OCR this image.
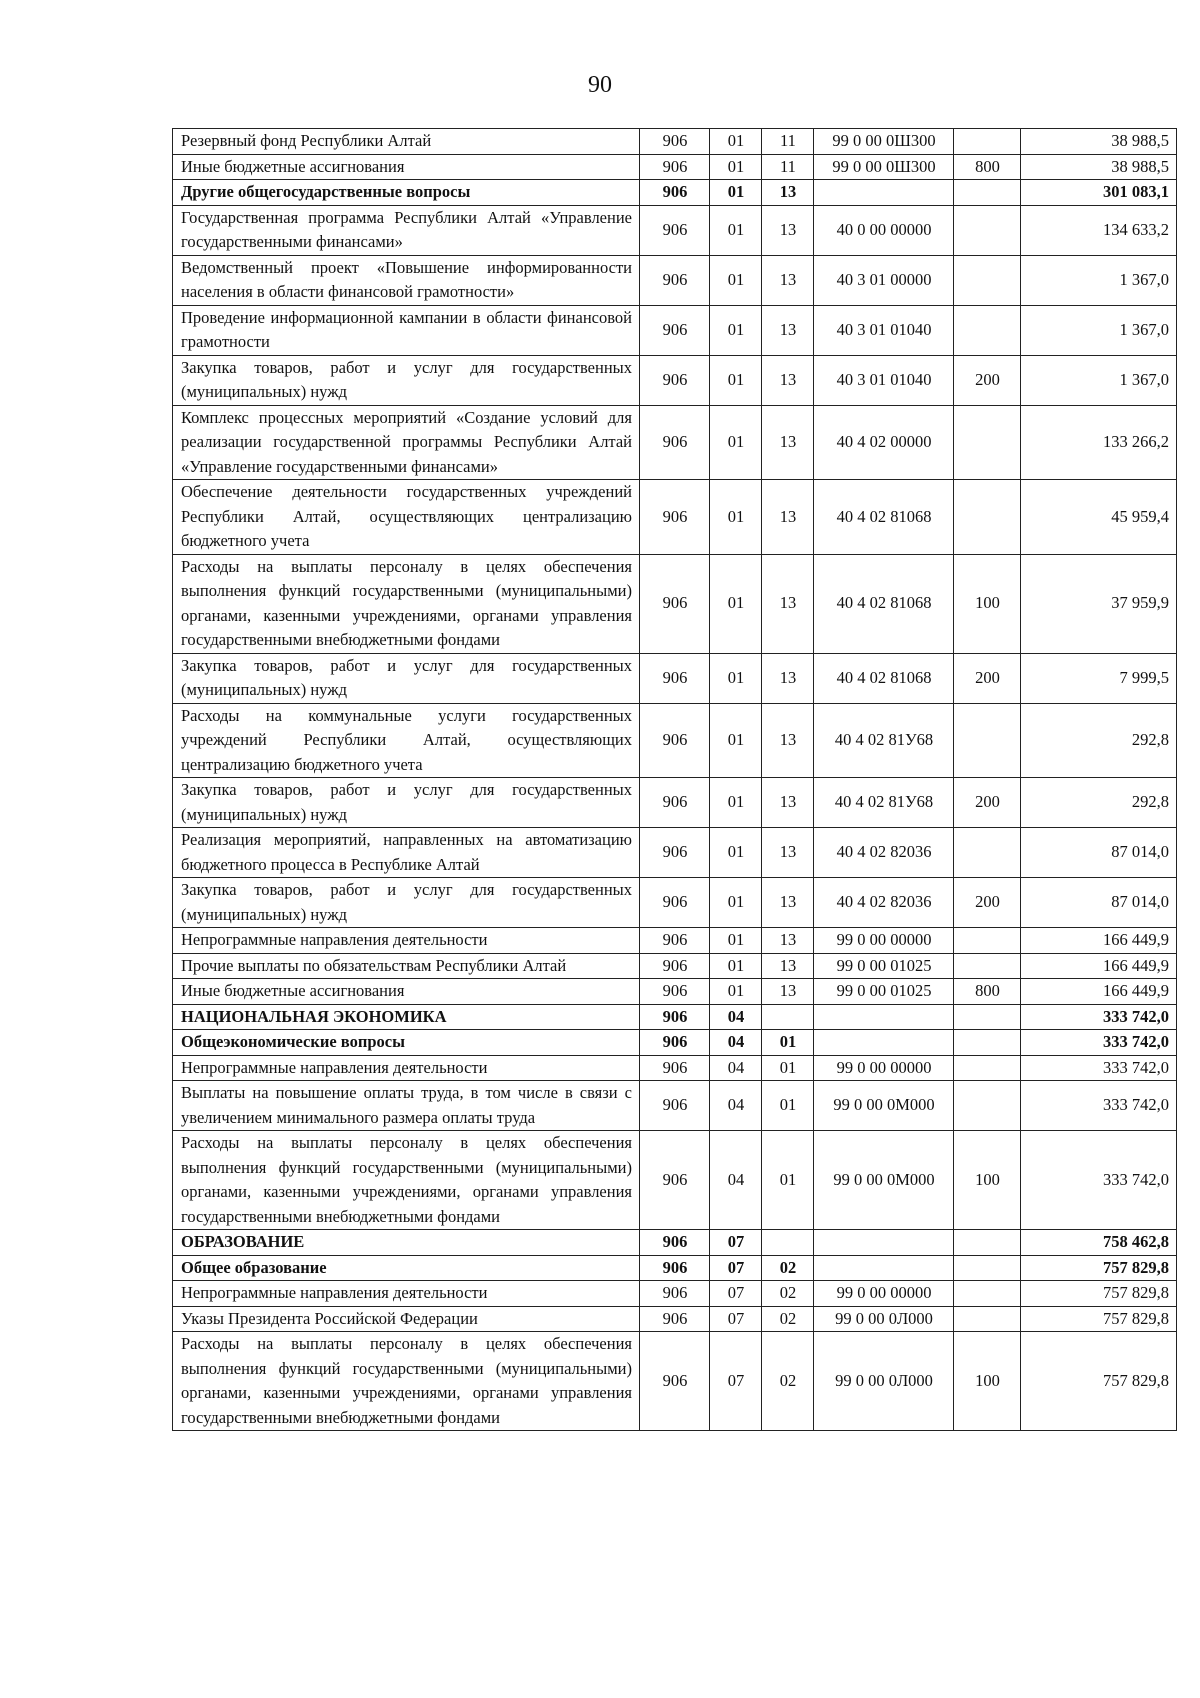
90
Резервный фонд Республики Алтай	906	01	11	99 0 00 0Ш300		38 988,5
Иные бюджетные ассигнования	906	01	11	99 0 00 0Ш300	800	38 988,5
Другие общегосударственные вопросы	906	01	13			301 083,1
Государственная программа Республики Алтай «Управление государственными финансами»	906	01	13	40 0 00 00000		134 633,2
Ведомственный проект «Повышение информированности населения в области финансовой грамотности»	906	01	13	40 3 01 00000		1 367,0
Проведение информационной кампании в области финансовой грамотности	906	01	13	40 3 01 01040		1 367,0
Закупка товаров, работ и услуг для государственных (муниципальных) нужд	906	01	13	40 3 01 01040	200	1 367,0
Комплекс процессных мероприятий «Создание условий для реализации государственной программы Республики Алтай «Управление государственными финансами»	906	01	13	40 4 02 00000		133 266,2
Обеспечение деятельности государственных учреждений Республики Алтай, осуществляющих централизацию бюджетного учета	906	01	13	40 4 02 81068		45 959,4
Расходы на выплаты персоналу в целях обеспечения выполнения функций государственными (муниципальными) органами, казенными учреждениями, органами управления государственными внебюджетными фондами	906	01	13	40 4 02 81068	100	37 959,9
Закупка товаров, работ и услуг для государственных (муниципальных) нужд	906	01	13	40 4 02 81068	200	7 999,5
Расходы на коммунальные услуги государственных учреждений Республики Алтай, осуществляющих централизацию бюджетного учета	906	01	13	40 4 02 81У68		292,8
Закупка товаров, работ и услуг для государственных (муниципальных) нужд	906	01	13	40 4 02 81У68	200	292,8
Реализация мероприятий, направленных на автоматизацию бюджетного процесса в Республике Алтай	906	01	13	40 4 02 82036		87 014,0
Закупка товаров, работ и услуг для государственных (муниципальных) нужд	906	01	13	40 4 02 82036	200	87 014,0
Непрограммные направления деятельности	906	01	13	99 0 00 00000		166 449,9
Прочие выплаты по обязательствам Республики Алтай	906	01	13	99 0 00 01025		166 449,9
Иные бюджетные ассигнования	906	01	13	99 0 00 01025	800	166 449,9
НАЦИОНАЛЬНАЯ ЭКОНОМИКА	906	04				333 742,0
Общеэкономические вопросы	906	04	01			333 742,0
Непрограммные направления деятельности	906	04	01	99 0 00 00000		333 742,0
Выплаты на повышение оплаты труда, в том числе в связи с увеличением минимального размера оплаты труда	906	04	01	99 0 00 0М000		333 742,0
Расходы на выплаты персоналу в целях обеспечения выполнения функций государственными (муниципальными) органами, казенными учреждениями, органами управления государственными внебюджетными фондами	906	04	01	99 0 00 0М000	100	333 742,0
ОБРАЗОВАНИЕ	906	07				758 462,8
Общее образование	906	07	02			757 829,8
Непрограммные направления деятельности	906	07	02	99 0 00 00000		757 829,8
Указы Президента Российской Федерации	906	07	02	99 0 00 0Л000		757 829,8
Расходы на выплаты персоналу в целях обеспечения выполнения функций государственными (муниципальными) органами, казенными учреждениями, органами управления государственными внебюджетными фондами	906	07	02	99 0 00 0Л000	100	757 829,8
